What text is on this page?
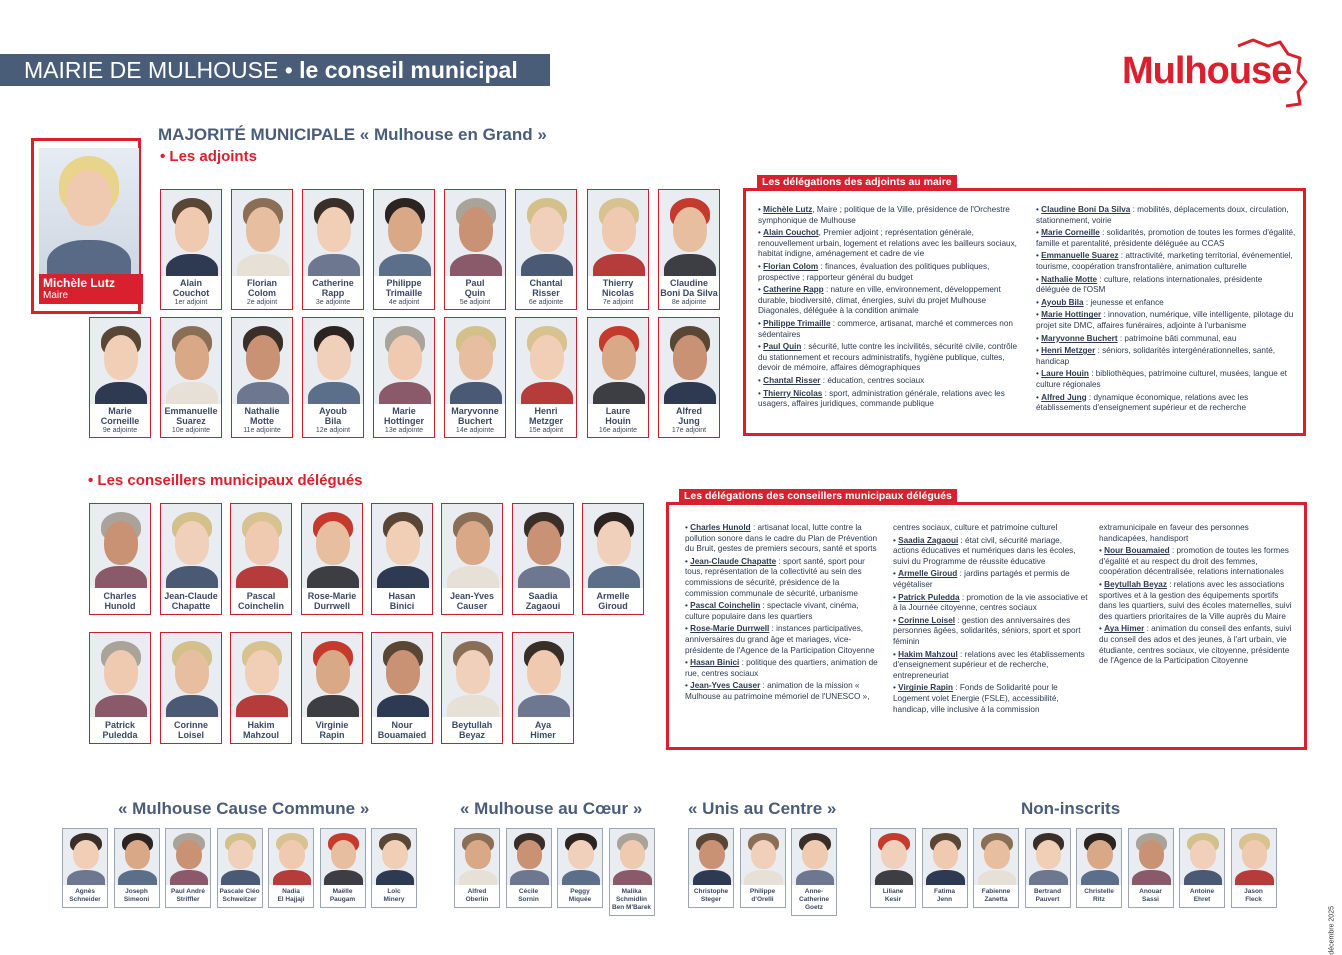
MAIRIE DE MULHOUSE • le conseil municipal	Mulhouse
MAJORITÉ MUNICIPALE « Mulhouse en Grand »
• Les adjoints
• Les conseillers municipaux délégués
Michèle Lutz
Maire
Alain
Couchot
1er adjoint
Florian
Colom
2e adjoint
Catherine
Rapp
3e adjointe
Philippe
Trimaille
4e adjoint
Paul
Quin
5e adjoint
Chantal
Risser
6e adjointe
Thierry
Nicolas
7e adjoint
Claudine
Boni Da Silva
8e adjointe
Marie
Corneille
9e adjointe
Emmanuelle
Suarez
10e adjointe
Nathalie
Motte
11e adjointe
Ayoub
Bila
12e adjoint
Marie
Hottinger
13e adjointe
Maryvonne
Buchert
14e adjointe
Henri
Metzger
15e adjoint
Laure
Houin
16e adjointe
Alfred
Jung
17e adjoint
Charles
Hunold
Jean-Claude
Chapatte
Pascal
Coinchelin
Rose-Marie
Durrwell
Hasan
Binici
Jean-Yves
Causer
Saadia
Zagaoui
Armelle
Giroud
Patrick
Puledda
Corinne
Loisel
Hakim
Mahzoul
Virginie
Rapin
Nour
Bouamaied
Beytullah
Beyaz
Aya
Himer

• Michèle Lutz, Maire ; politique de la Ville, présidence de l'Orchestre symphonique de Mulhouse

• Alain Couchot, Premier adjoint ; représentation générale, renouvellement urbain, logement et relations avec les bailleurs sociaux, habitat indigne, aménagement et cadre de vie

• Florian Colom : finances, évaluation des politiques publiques, prospective ; rapporteur général du budget

• Catherine Rapp : nature en ville, environnement, développement durable, biodiversité, climat, énergies, suivi du projet Mulhouse Diagonales, déléguée à la condition animale

• Philippe Trimaille : commerce, artisanat, marché et commerces non sédentaires

• Paul Quin : sécurité, lutte contre les incivilités, sécurité civile, contrôle du stationnement et recours administratifs, hygiène publique, cultes, devoir de mémoire, affaires démographiques

• Chantal Risser : éducation, centres sociaux

• Thierry Nicolas : sport, administration générale, relations avec les usagers, affaires juridiques, commande publique

• Claudine Boni Da Silva : mobilités, déplacements doux, circulation, stationnement, voirie

• Marie Corneille : solidarités, promotion de toutes les formes d'égalité, famille et parentalité, présidente déléguée au CCAS

• Emmanuelle Suarez : attractivité, marketing territorial, événementiel, tourisme, coopération transfrontalière, animation culturelle

• Nathalie Motte : culture, relations internationales, présidente déléguée de l'OSM

• Ayoub Bila : jeunesse et enfance

• Marie Hottinger : innovation, numérique, ville intelligente, pilotage du projet site DMC, affaires funéraires, adjointe à l'urbanisme

• Maryvonne Buchert : patrimoine bâti communal, eau

• Henri Metzger : séniors, solidarités intergénérationnelles, santé, handicap

• Laure Houin : bibliothèques, patrimoine culturel, musées, langue et culture régionales

• Alfred Jung : dynamique économique, relations avec les établissements d'enseignement supérieur et de recherche

Les délégations des adjoints au maire

• Charles Hunold : artisanat local, lutte contre la pollution sonore dans le cadre du Plan de Prévention du Bruit, gestes de premiers secours, santé et sports

• Jean-Claude Chapatte : sport santé, sport pour tous, représentation de la collectivité au sein des commissions de sécurité, présidence de la commission communale de sécurité, urbanisme

• Pascal Coinchelin : spectacle vivant, cinéma, culture populaire dans les quartiers

• Rose-Marie Durrwell : instances participatives, anniversaires du grand âge et mariages, vice-présidente de l'Agence de la Participation Citoyenne

• Hasan Binici : politique des quartiers, animation de rue, centres sociaux

• Jean-Yves Causer : animation de la mission « Mulhouse au patrimoine mémoriel de l'UNESCO »,

centres sociaux, culture et patrimoine culturel

• Saadia Zagaoui : état civil, sécurité mariage, actions éducatives et numériques dans les écoles, suivi du Programme de réussite éducative

• Armelle Giroud : jardins partagés et permis de végétaliser

• Patrick Puledda : promotion de la vie associative et à la Journée citoyenne, centres sociaux

• Corinne Loisel : gestion des anniversaires des personnes âgées, solidarités, séniors, sport et sport féminin

• Hakim Mahzoul : relations avec les établissements d'enseignement supérieur et de recherche, entrepreneuriat

• Virginie Rapin : Fonds de Solidarité pour le Logement volet Energie (FSLE), accessibilité, handicap, ville inclusive à la commission

extramunicipale en faveur des personnes handicapées, handisport

• Nour Bouamaied : promotion de toutes les formes d'égalité et au respect du droit des femmes, coopération décentralisée, relations internationales

• Beytullah Beyaz : relations avec les associations sportives et à la gestion des équipements sportifs dans les quartiers, suivi des écoles maternelles, suivi des quartiers prioritaires de la Ville auprès du Maire

• Aya Himer : animation du conseil des enfants, suivi du conseil des ados et des jeunes, à l'art urbain, vie étudiante, centres sociaux, vie citoyenne, présidente de l'Agence de la Participation Citoyenne

Les délégations des conseillers municipaux délégués
« Mulhouse Cause Commune »
Agnès
Schneider
Joseph
Simeoni
Paul André
Striffler
Pascale Cléo
Schweitzer
Nadia
El Hajjaji
Maëlle
Paugam
Loïc
Minery
« Mulhouse au Cœur »
Alfred
Oberlin
Cécile
Sornin
Peggy
Miquée
Malika
Schmidlin Ben M'Barek
« Unis au Centre »
Christophe
Steger
Philippe
d'Orelli
Anne-
Catherine Goetz
Non-inscrits
Liliane
Kesir
Fatima
Jenn
Fabienne
Zanetta
Bertrand
Pauvert
Christelle
Ritz
Anouar
Sassi
Antoine
Ehret
Jason
Fleck
décembre 2025
